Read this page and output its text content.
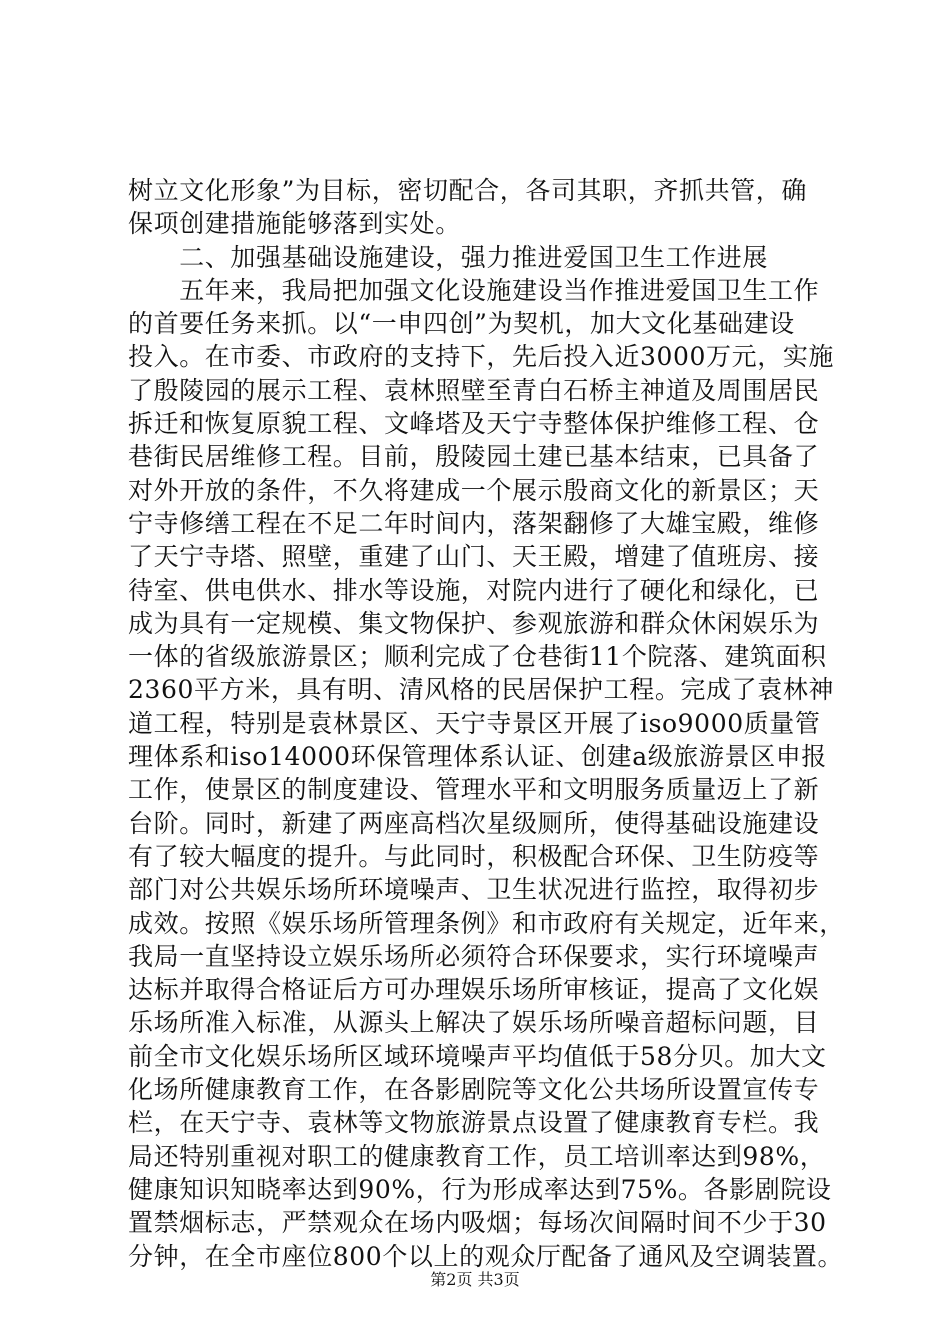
树立文化形象”为目标，密切配合，各司其职，齐抓共管，确
保项创建措施能够落到实处。
　　二、加强基础设施建设，强力推进爱国卫生工作进展
　　五年来，我局把加强文化设施建设当作推进爱国卫生工作
的首要任务来抓。以“一申四创”为契机，加大文化基础建设
投入。在市委、市政府的支持下，先后投入近3000万元，实施
了殷陵园的展示工程、袁林照壁至青白石桥主神道及周围居民
拆迁和恢复原貌工程、文峰塔及天宁寺整体保护维修工程、仓
巷街民居维修工程。目前，殷陵园土建已基本结束，已具备了
对外开放的条件，不久将建成一个展示殷商文化的新景区；天
宁寺修缮工程在不足二年时间内，落架翻修了大雄宝殿，维修
了天宁寺塔、照壁，重建了山门、天王殿，增建了值班房、接
待室、供电供水、排水等设施，对院内进行了硬化和绿化，已
成为具有一定规模、集文物保护、参观旅游和群众休闲娱乐为
一体的省级旅游景区；顺利完成了仓巷街11个院落、建筑面积
2360平方米，具有明、清风格的民居保护工程。完成了袁林神
道工程，特别是袁林景区、天宁寺景区开展了iso9000质量管
理体系和iso14000环保管理体系认证、创建a级旅游景区申报
工作，使景区的制度建设、管理水平和文明服务质量迈上了新
台阶。同时，新建了两座高档次星级厕所，使得基础设施建设
有了较大幅度的提升。与此同时，积极配合环保、卫生防疫等
部门对公共娱乐场所环境噪声、卫生状况进行监控，取得初步
成效。按照《娱乐场所管理条例》和市政府有关规定，近年来，
我局一直坚持设立娱乐场所必须符合环保要求，实行环境噪声
达标并取得合格证后方可办理娱乐场所审核证，提高了文化娱
乐场所准入标准，从源头上解决了娱乐场所噪音超标问题，目
前全市文化娱乐场所区域环境噪声平均值低于58分贝。加大文
化场所健康教育工作，在各影剧院等文化公共场所设置宣传专
栏，在天宁寺、袁林等文物旅游景点设置了健康教育专栏。我
局还特别重视对职工的健康教育工作，员工培训率达到98%，
健康知识知晓率达到90%，行为形成率达到75%。各影剧院设
置禁烟标志，严禁观众在场内吸烟；每场次间隔时间不少于30
分钟，在全市座位800个以上的观众厅配备了通风及空调装置。
第2页 共3页
